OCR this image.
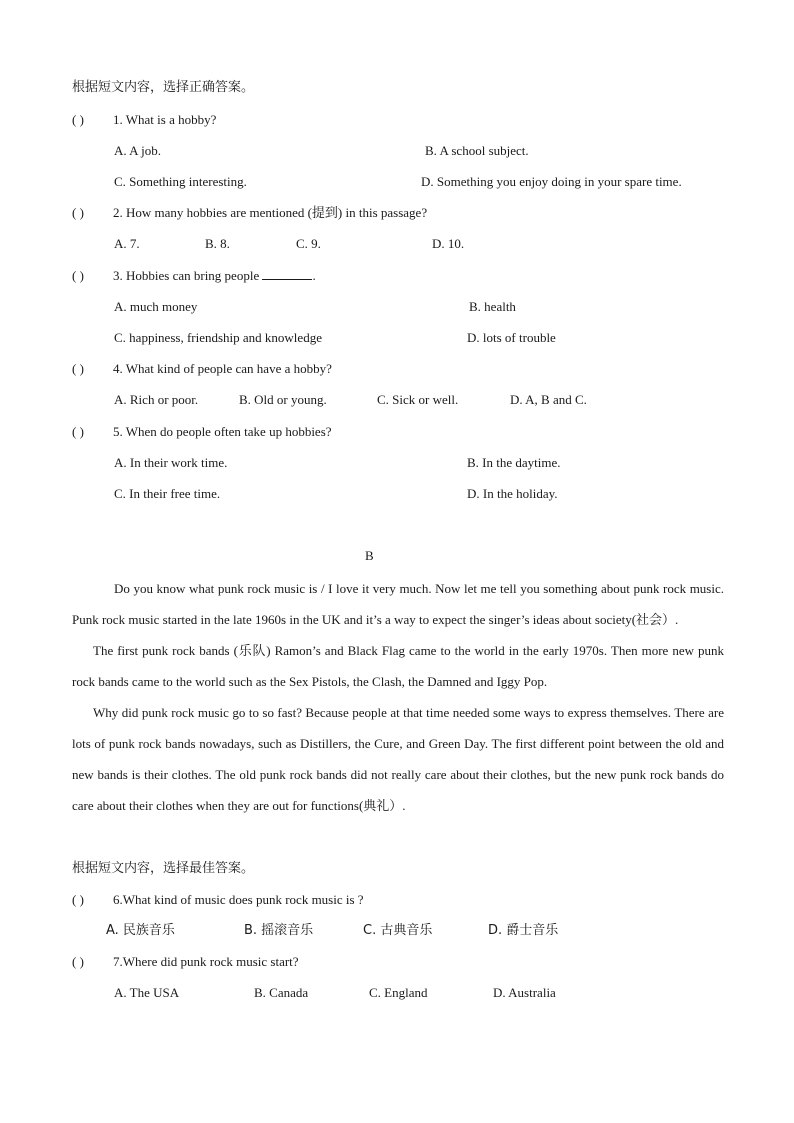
根据短文内容，选择正确答案。
( ) 1. What is a hobby?
A. A job.	B. A school subject.
C. Something interesting.	D. Something you enjoy doing in your spare time.
( ) 2. How many hobbies are mentioned (提到) in this passage?
A. 7.	B. 8.	C. 9.	D. 10.
( ) 3. Hobbies can bring people	.
A. much money	B. health
C. happiness, friendship and knowledge	D. lots of trouble
( ) 4. What kind of people can have a hobby?
A. Rich or poor.	B. Old or young.	C. Sick or well.	D. A, B and C.
( ) 5. When do people often take up hobbies?
A. In their work time.	B. In the daytime.
C. In their free time.	D. In the holiday.
B

Do you know what punk rock music is / I love it very much. Now let me tell you something about punk rock music. Punk rock music started in the late 1960s in the UK and it’s a way to expect the singer’s ideas about society(社会）.

The first punk rock bands (乐队) Ramon’s and Black Flag came to the world in the early 1970s. Then more new punk rock bands came to the world such as the Sex Pistols, the Clash, the Damned and Iggy Pop.

Why did punk rock music go to so fast? Because people at that time needed some ways to express themselves. There are lots of punk rock bands nowadays, such as Distillers, the Cure, and Green Day. The first different point between the old and new bands is their clothes. The old punk rock bands did not really care about their clothes, but the new punk rock bands do care about their clothes when they are out for functions(典礼）.

根据短文内容，选择最佳答案。
( ) 6.What kind of music does punk rock music is ?
A. 民族音乐	B. 摇滚音乐	C. 古典音乐	D. 爵士音乐
( ) 7.Where did punk rock music start?
A. The USA	B. Canada	C. England	D. Australia
